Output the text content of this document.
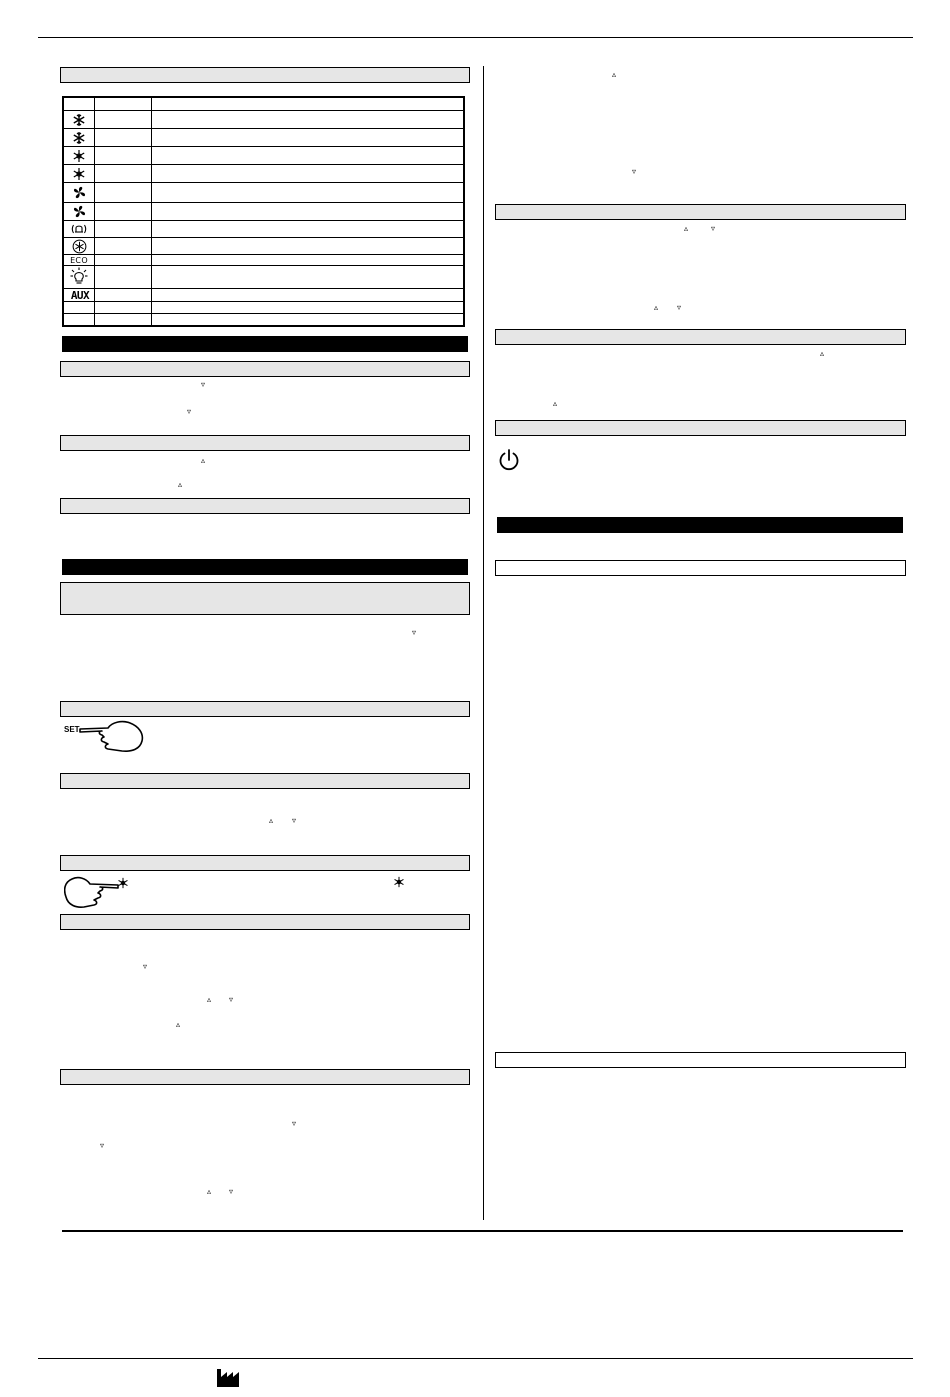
ECO
AUX
▿
▿
▵
▵
▿
SET
▵ ▿
▿
▵ ▿
▵
▿
▿
▵ ▿
▵
▿
▵	▿
▵ ▿
▵
▵
